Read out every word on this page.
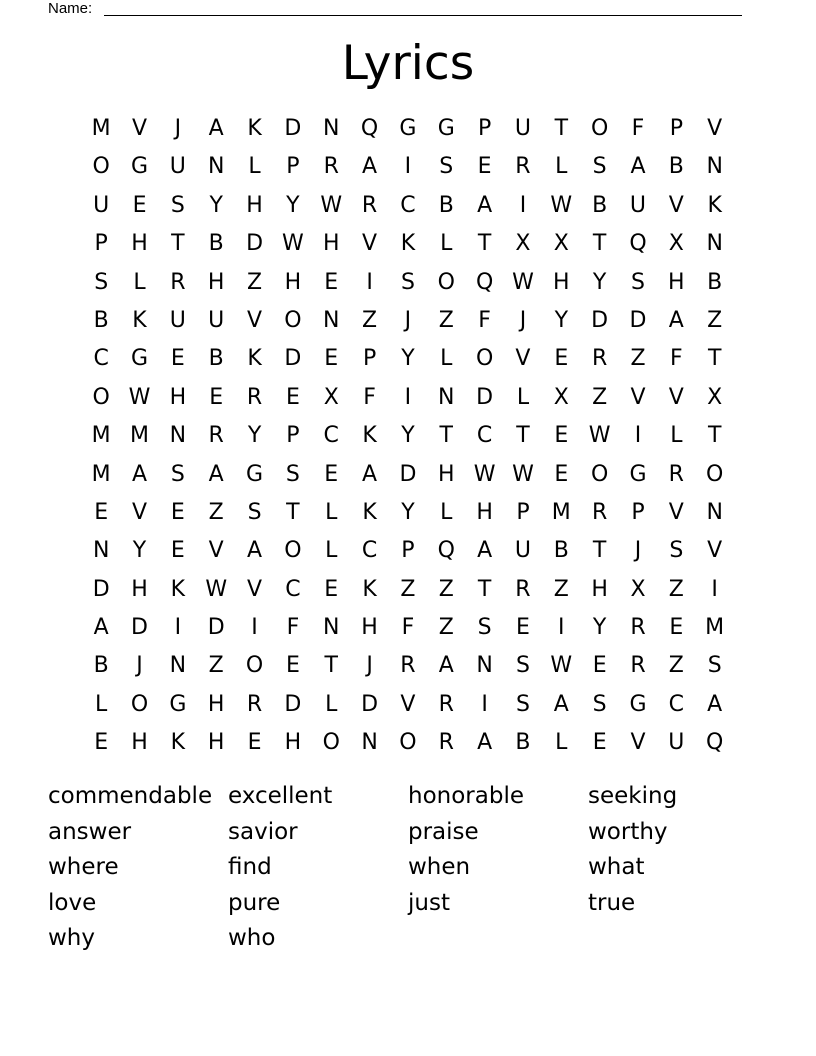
Name:
Lyrics
M V	J	A	K	D N Q G G	P	U	T	O	F	P	V
O G U	N	L	P	R	A	I	S	E	R	L	S	A	B	N
U	E	S	Y	H	Y W R	C	B	A	I	W B	U	V	K
P	H	T	B	D W H	V	K	L	T	X	X	T	Q	X	N
S	L	R	H	Z	H	E	I	S	O Q W H	Y	S	H	B
B	K	U	U	V	O N	Z	J	Z	F	J	Y	D D	A	Z
C	G	E	B	K	D	E	P	Y	L	O	V	E	R	Z	F	T
O W H	E	R	E	X	F	I	N D	L	X	Z	V	V	X
M M N	R	Y	P	C	K	Y	T	C	T	E W	I	L	T
M A	S	A	G	S	E	A	D H W W E	O G	R	O
E	V	E	Z	S	T	L	K	Y	L	H	P	M R	P	V	N
N	Y	E	V	A	O	L	C	P	Q	A	U	B	T	J	S	V
D H	K W V	C	E	K	Z	Z	T	R	Z	H	X	Z	I
A	D	I	D	I	F	N H	F	Z	S	E	I	Y	R	E M
B	J	N	Z	O	E	T	J	R	A	N	S W E	R	Z	S
L	O G H	R	D	L	D	V	R	I	S	A	S	G	C	A
E	H	K	H	E	H O N O	R	A	B	L	E	V	U Q
commendable excellent	honorable	seeking
answer	savior	praise	worthy
where	find	when	what
love	pure	just	true
why	who
